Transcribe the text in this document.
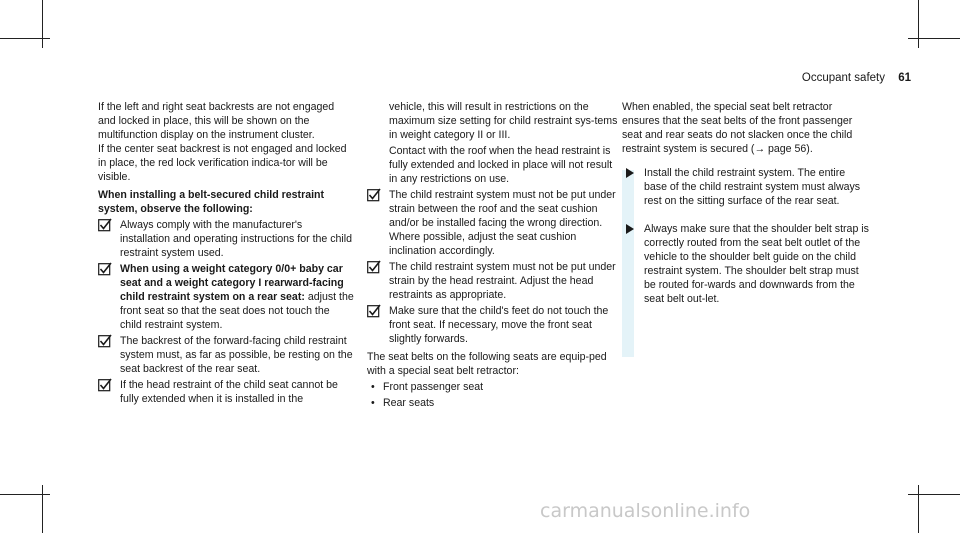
Occupant safety 61

If the left and right seat backrests are not engaged and locked in place, this will be shown on the multifunction display on the instrument cluster.

If the center seat backrest is not engaged and locked in place, the red lock verification indica-tor will be visible.

When installing a belt-secured child restraint system, observe the following:

Always comply with the manufacturer's installation and operating instructions for the child restraint system used.
When using a weight category 0/0+ baby car seat and a weight category I rearward-facing child restraint system on a rear seat: adjust the front seat so that the seat does not touch the child restraint system.
The backrest of the forward-facing child restraint system must, as far as possible, be resting on the seat backrest of the rear seat.
If the head restraint of the child seat cannot be fully extended when it is installed in the

vehicle, this will result in restrictions on the maximum size setting for child restraint sys-tems in weight category II or III.

Contact with the roof when the head restraint is fully extended and locked in place will not result in any restrictions on use.

The child restraint system must not be put under strain between the roof and the seat cushion and/or be installed facing the wrong direction. Where possible, adjust the seat cushion inclination accordingly.
The child restraint system must not be put under strain by the head restraint. Adjust the head restraints as appropriate.
Make sure that the child's feet do not touch the front seat. If necessary, move the front seat slightly forwards.

The seat belts on the following seats are equip-ped with a special seat belt retractor:

• Front passenger seat
• Rear seats

When enabled, the special seat belt retractor ensures that the seat belts of the front passenger seat and rear seats do not slacken once the child restraint system is secured (→ page 56).

Install the child restraint system. The entire base of the child restraint system must always rest on the sitting surface of the rear seat.
Always make sure that the shoulder belt strap is correctly routed from the seat belt outlet of the vehicle to the shoulder belt guide on the child restraint system. The shoulder belt strap must be routed for-wards and downwards from the seat belt out-let.
carmanualsonline.info
